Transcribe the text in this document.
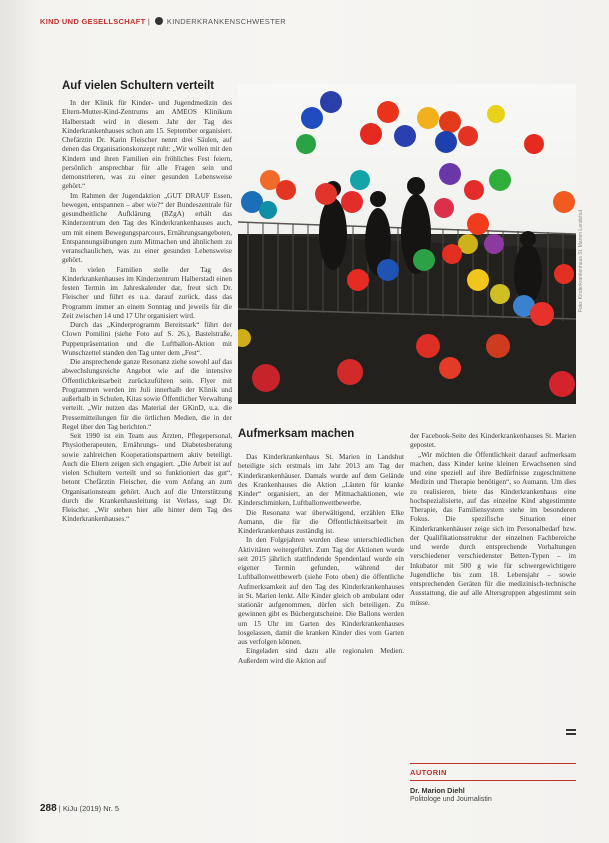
KIND UND GESELLSCHAFT |  KINDERKRANKENSCHWESTER
Auf vielen Schultern verteilt

In der Klinik für Kinder- und Jugendmedizin des Eltern-Mutter-Kind-Zentrums am AMEOS Klinikum Halberstadt wird in diesem Jahr der Tag des Kinderkrankenhauses schon am 15. September organisiert. Chefärztin Dr. Karin Fleischer nennt drei Säulen, auf denen das Organisationskonzept ruht: „Wir wollen mit den Kindern und ihren Familien ein fröhliches Fest feiern, persönlich ansprechbar für alle Fragen sein und demonstrieren, was zu einer gesunden Lebensweise gehört.“

Im Rahmen der Jugendaktion „GUT DRAUF Essen, bewegen, entspannen – aber wie?“ der Bundeszentrale für gesundheitliche Aufklärung (BZgA) erhält das Kinderzentrum den Tag des Kinderkrankenhauses auch, um mit einem Bewegungsparcours, Ernährungsangeboten, Entspannungsübungen zum Mitmachen und ähnlichem zu veranschaulichen, was zu einer gesunden Lebensweise gehört.

In vielen Familien stelle der Tag des Kinderkrankenhauses im Kinderzentrum Halberstadt einen festen Termin im Jahreskalender dar, freut sich Dr. Fleischer und führt es u.a. darauf zurück, dass das Programm immer an einem Sonntag und jeweils für die Zeit zwischen 14 und 17 Uhr organisiert wird.

Durch das „Kinderprogramm Bereitstark“ führt der Clown Pomilini (siehe Foto auf S. 26.), Bastelstraße, Puppenpräsentation und die Luftballon-Aktion mit Wunschzettel standen den Tag unter dem „Fest“.

Die ansprechende ganze Resonanz ziehe sowohl auf das abwechslungsreiche Angebot wie auf die intensive Öffentlichkeitsarbeit zurückzuführen sein. Flyer mit Programmen werden im Juli innerhalb der Klinik und außerhalb in Schulen, Kitas sowie Öffentlicher Verwaltung verteilt. „Wir nutzen das Material der GKinD, u.a. die Pressemitteilungen für die örtlichen Medien, die in der Regel über den Tag berichten.“

Seit 1990 ist ein Team aus Ärzten, Pflegepersonal, Physiotherapeuten, Ernährungs- und Diabetesberatung sowie zahlreichen Kooperationspartnern aktiv beteiligt. Auch die Eltern zeigen sich engagiert. „Die Arbeit ist auf vielen Schultern verteilt und so funktioniert das gut“, betont Chefärztin Fleischer, die vom Anfang an zum Organisationsteam gehört. Auch auf die Unterstützung durch die Krankenhausleitung ist Verlass, sagt Dr. Fleischer. „Wir stehen hier alle hinter dem Tag des Kinderkrankenhauses.“

Foto: Kinderkrankenhaus St. Marien Landshut
Aufmerksam machen

Das Kinderkrankenhaus St. Marien in Landshut beteiligte sich erstmals im Jahr 2013 am Tag der Kinderkrankenhäuser. Damals wurde auf dem Gelände des Krankenhauses die Aktion „Läuten für kranke Kinder“ organisiert, an der Mitmachaktionen, wie Kinderschminken, Luftballonwettbewerbe.

Die Resonanz war überwältigend, erzählen Elke Aumann, die für die Öffentlichkeitsarbeit im Kinderkrankenhaus zuständig ist.

In den Folgejahren wurden diese unterschiedlichen Aktivitäten weitergeführt. Zum Tag der Aktionen wurde seit 2015 jährlich stattfindende Spendenlauf wurde ein eigener Termin gefunden, während der Luftballonwettbewerb (siehe Foto oben) die öffentliche Aufmerksamkeit auf den Tag des Kinderkrankenhauses in St. Marien lenkt. Alle Kinder gleich ob ambulant oder stationär aufgenommen, dürfen sich beteiligen. Zu gewinnen gibt es Büchergutscheine. Die Ballons werden um 15 Uhr im Garten des Kinderkrankenhauses losgelassen, damit die kranken Kinder dies vom Garten aus verfolgen können.

Eingeladen sind dazu alle regionalen Medien. Außerdem wird die Aktion auf

der Facebook-Seite des Kinderkrankenhauses St. Marien gepostet.

„Wir möchten die Öffentlichkeit darauf aufmerksam machen, dass Kinder keine kleinen Erwachsenen sind und eine speziell auf ihre Bedürfnisse zugeschnittene Medizin und Therapie benötigen“, so Aumann. Um dies zu realisieren, biete das Kinderkrankenhaus eine hochspezialisierte, auf das einzelne Kind abgestimmte Therapie, das Familiensystem stehe im besonderen Fokus. Die spezifische Situation einer Kinderkrankenhäuser zeige sich im Personalbedarf bzw. der Qualifikationsstruktur der einzelnen Fachbereiche und werde durch entsprechende Vorhaltungen verschiedener verschiedenster Betten-Typen – im Inkubator mit 500 g wie für schwergewichtigere Jugendliche bis zum 18. Lebensjahr – sowie entsprechenden Geräten für die medizinisch-technische Ausstattung, die auf alle Altersgruppen abgestimmt sein müsse.

AUTORIN
Dr. Marion Diehl
Politologe und Journalistin
288 | KiJu (2019) Nr. 5
